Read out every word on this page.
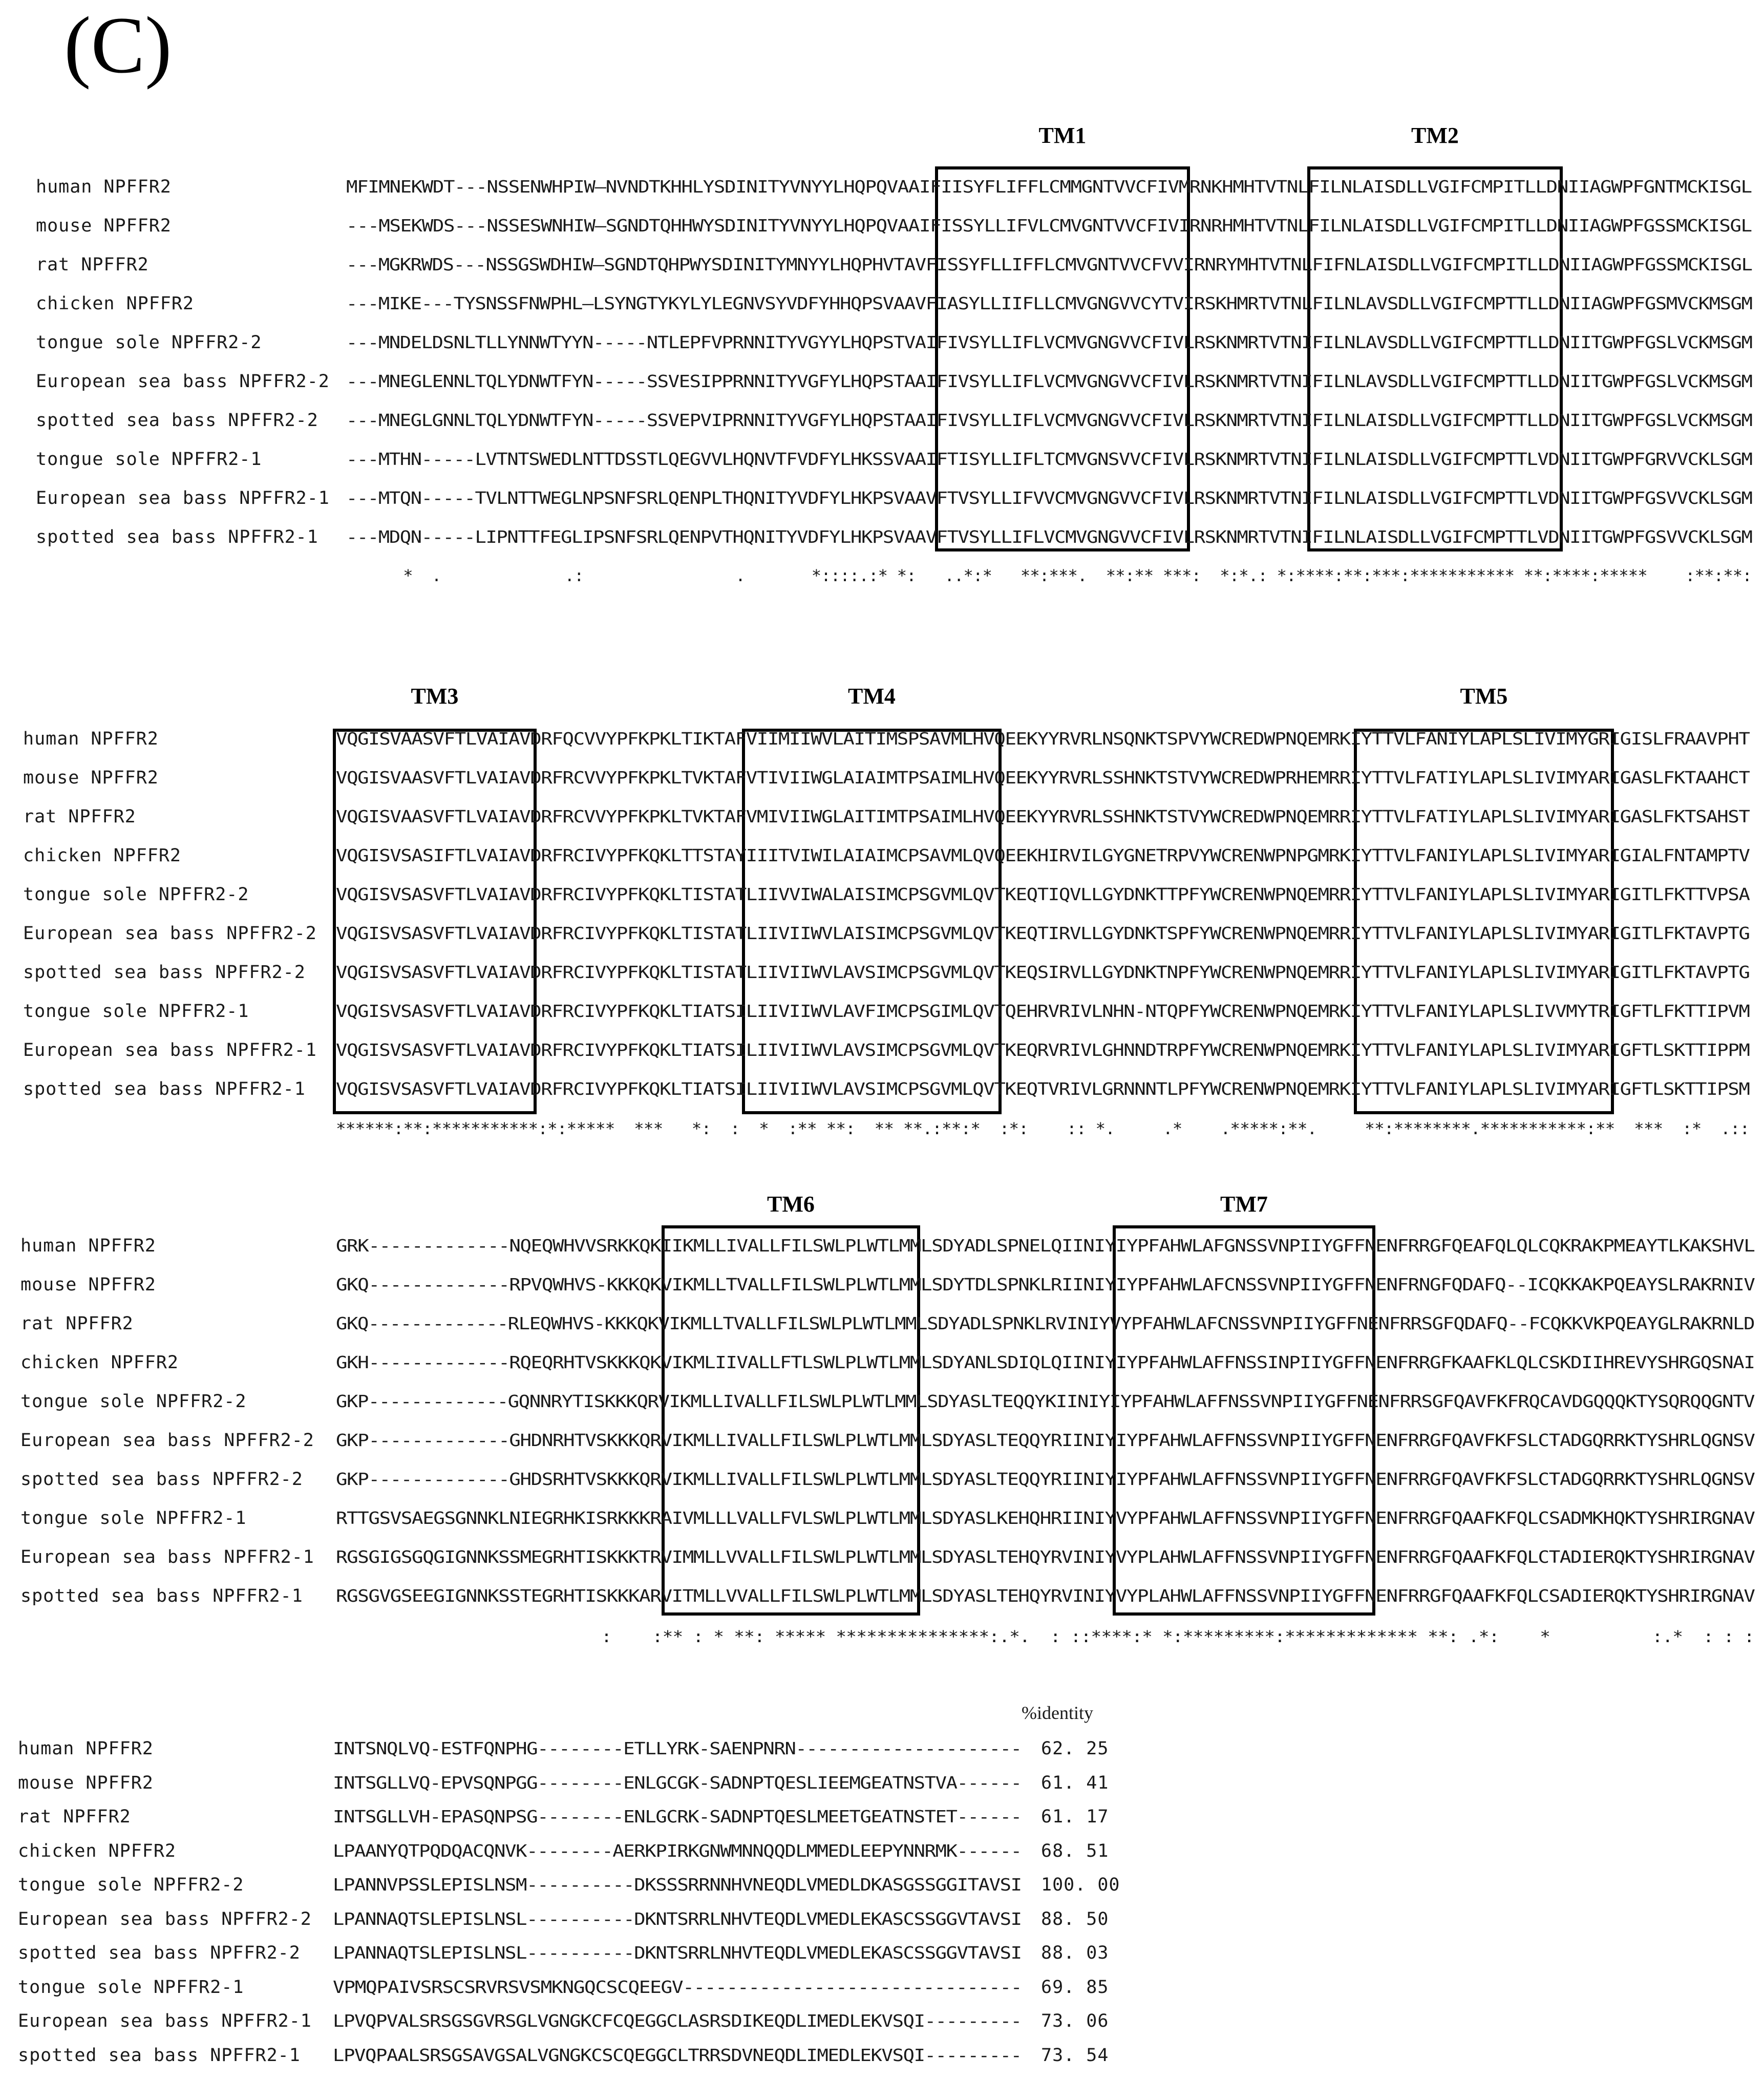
(C)
TM1	TM2
human NPFFR2	MFIMNEKWDT---NSSENWHPIW—NVNDTKHHLYSDINITYVNYYLHQPQVAAIFIISYFLIFFLCMMGNTVVCFIVMRNKHMHTVTNLFILNLAISDLLVGIFCMPITLLDNIIAGWPFGNTMCKISGL
mouse NPFFR2	---MSEKWDS---NSSESWNHIW—SGNDTQHHWYSDINITYVNYYLHQPQVAAIFISSYLLIFVLCMVGNTVVCFIVIRNRHMHTVTNLFILNLAISDLLVGIFCMPITLLDNIIAGWPFGSSMCKISGL
rat NPFFR2	---MGKRWDS---NSSGSWDHIW—SGNDTQHPWYSDINITYMNYYLHQPHVTAVFISSYFLLIFFLCMVGNTVVCFVVIRNRYMHTVTNLFIFNLAISDLLVGIFCMPITLLDNIIAGWPFGSSMCKISGL
chicken NPFFR2	---MIKE---TYSNSSFNWPHL—LSYNGTYKYLYLEGNVSYVDFYHHQPSVAAVFIASYLLIIFLLCMVGNGVVCYTVIRSKHMRTVTNLFILNLAVSDLLVGIFCMPTTLLDNIIAGWPFGSMVCKMSGM
tongue sole NPFFR2-2	---MNDELDSNLTLLYNNWTYYN-----NTLEPFVPRNNITYVGYYLHQPSTVAIFIVSYLLIFLVCMVGNGVVCFIVLRSKNMRTVTNIFILNLAVSDLLVGIFCMPTTLLDNIITGWPFGSLVCKMSGM
European sea bass NPFFR2-2 ---MNEGLENNLTQLYDNWTFYN-----SSVESIPPRNNITYVGFYLHQPSTAAIFIVSYLLIFLVCMVGNGVVCFIVLRSKNMRTVTNIFILNLAVSDLLVGIFCMPTTLLDNIITGWPFGSLVCKMSGM
spotted sea bass NPFFR2-2 ---MNEGLGNNLTQLYDNWTFYN-----SSVEPVIPRNNITYVGFYLHQPSTAAIFIVSYLLIFLVCMVGNGVVCFIVLRSKNMRTVTNIFILNLAISDLLVGIFCMPTTLLDNIITGWPFGSLVCKMSGM
tongue sole NPFFR2-1	---MTHN-----LVTNTSWEDLNTTDSSTLQEGVVLHQNVTFVDFYLHKSSVAAIFTISYLLIFLTCMVGNSVVCFIVLRSKNMRTVTNIFILNLAISDLLVGIFCMPTTLVDNIITGWPFGRVVCKLSGM
European sea bass NPFFR2-1 ---MTQN-----TVLNTTWEGLNPSNFSRLQENPLTHQNITYVDFYLHKPSVAAVFTVSYLLIFVVCMVGNGVVCFIVLRSKNMRTVTNIFILNLAISDLLVGIFCMPTTLVDNIITGWPFGSVVCKLSGM
spotted sea bass NPFFR2-1 ---MDQN-----LIPNTTFEGLIPSNFSRLQENPVTHQNITYVDFYLHKPSVAAVFTVSYLLIFLVCMVGNGVVCFIVLRSKNMRTVTNIFILNLAISDLLVGIFCMPTTLVDNIITGWPFGSVVCKLSGM
*  .             .:                .       *::::.:* *:   ..*:*   **:***.  **:** ***:  *:*.: *:****:**:***:*********** **:****:*****    :**:**:
TM3	TM4	TM5
human NPFFR2	VQGISVAASVFTLVAIAVDRFQCVVYPFKPKLTIKTAFVIIMIIWVLAITIMSPSAVMLHVQEEKYYRVRLNSQNKTSPVYWCREDWPNQEMRKIYTTVLFANIYLAPLSLIVIMYGRIGISLFRAAVPHT
mouse NPFFR2	VQGISVAASVFTLVAIAVDRFRCVVYPFKPKLTVKTAFVTIVIIWGLAIAIMTPSAIMLHVQEEKYYRVRLSSHNKTSTVYWCREDWPRHEMRRIYTTVLFATIYLAPLSLIVIMYARIGASLFKTAAHCT
rat NPFFR2	VQGISVAASVFTLVAIAVDRFRCVVYPFKPKLTVKTAFVMIVIIWGLAITIMTPSAIMLHVQEEKYYRVRLSSHNKTSTVYWCREDWPNQEMRRIYTTVLFATIYLAPLSLIVIMYARIGASLFKTSAHST
chicken NPFFR2	VQGISVSASIFTLVAIAVDRFRCIVYPFKQKLTTSTAYIIITVIWILAIAIMCPSAVMLQVQEEKHIRVILGYGNETRPVYWCRENWPNPGMRKIYTTVLFANIYLAPLSLIVIMYARIGIALFNTAMPTV
tongue sole NPFFR2-2	VQGISVSASVFTLVAIAVDRFRCIVYPFKQKLTISTATLIIVVIWALAISIMCPSGVMLQVTKEQTIQVLLGYDNKTTPFYWCRENWPNQEMRRIYTTVLFANIYLAPLSLIVIMYARIGITLFKTTVPSA
European sea bass NPFFR2-2 VQGISVSASVFTLVAIAVDRFRCIVYPFKQKLTISTATLIIVIIWVLAISIMCPSGVMLQVTKEQTIRVLLGYDNKTSPFYWCRENWPNQEMRRIYTTVLFANIYLAPLSLIVIMYARIGITLFKTAVPTG
spotted sea bass NPFFR2-2 VQGISVSASVFTLVAIAVDRFRCIVYPFKQKLTISTATLIIVIIWVLAVSIMCPSGVMLQVTKEQSIRVLLGYDNKTNPFYWCRENWPNQEMRRIYTTVLFANIYLAPLSLIVIMYARIGITLFKTAVPTG
tongue sole NPFFR2-1	VQGISVSASVFTLVAIAVDRFRCIVYPFKQKLTIATSILIIVIIWVLAVFIMCPSGIMLQVTQEHRVRIVLNHN-NTQPFYWCRENWPNQEMRKIYTTVLFANIYLAPLSLIVVMYTRIGFTLFKTTIPVM
European sea bass NPFFR2-1 VQGISVSASVFTLVAIAVDRFRCIVYPFKQKLTIATSILIIVIIWVLAVSIMCPSGVMLQVTKEQRVRIVLGHNNDTRPFYWCRENWPNQEMRKIYTTVLFANIYLAPLSLIVIMYARIGFTLSKTTIPPM
spotted sea bass NPFFR2-1 VQGISVSASVFTLVAIAVDRFRCIVYPFKQKLTIATSILIIVIIWVLAVSIMCPSGVMLQVTKEQTVRIVLGRNNNTLPFYWCRENWPNQEMRKIYTTVLFANIYLAPLSLIVIMYARIGFTLSKTTIPSM
******:**:***********:*:*****  ***   *:  :  *  :** **:  ** **.:**:*  :*:    :: *.     .*    .*****:**.     **:********.***********:**  ***  :*  .::
TM6	TM7
human NPFFR2	GRK-------------NQEQWHVVSRKKQKIIKMLLIVALLFILSWLPLWTLMMLSDYADLSPNELQIINIYIYPFAHWLAFGNSSVNPIIYGFFNENFRRGFQEAFQLQLCQKRAKPMEAYTLKAKSHVL
mouse NPFFR2	GKQ-------------RPVQWHVS-KKKQKVIKMLLTVALLFILSWLPLWTLMMLSDYTDLSPNKLRIINIYIYPFAHWLAFCNSSVNPIIYGFFNENFRNGFQDAFQ--ICQKKAKPQEAYSLRAKRNIV
rat NPFFR2	GKQ-------------RLEQWHVS-KKKQKVIKMLLTVALLFILSWLPLWTLMMLSDYADLSPNKLRVINIYVYPFAHWLAFCNSSVNPIIYGFFNENFRRSGFQDAFQ--FCQKKVKPQEAYGLRAKRNLD
chicken NPFFR2	GKH-------------RQEQRHTVSKKKQKVIKMLIIVALLFTLSWLPLWTLMMLSDYANLSDIQLQIINIYIYPFAHWLAFFNSSINPIIYGFFNENFRRGFKAAFKLQLCSKDIIHREVYSHRGQSNAI
tongue sole NPFFR2-2	GKP-------------GQNNRYTISKKKQRVIKMLLIVALLFILSWLPLWTLMMLSDYASLTEQQYKIINIYIYPFAHWLAFFNSSVNPIIYGFFNENFRRSGFQAVFKFRQCAVDGQQQKTYSQRQQGNTV
European sea bass NPFFR2-2 GKP-------------GHDNRHTVSKKKQRVIKMLLIVALLFILSWLPLWTLMMLSDYASLTEQQYRIINIYIYPFAHWLAFFNSSVNPIIYGFFNENFRRGFQAVFKFSLCTADGQRRKTYSHRLQGNSV
spotted sea bass NPFFR2-2 GKP-------------GHDSRHTVSKKKQRVIKMLLIVALLFILSWLPLWTLMMLSDYASLTEQQYRIINIYIYPFAHWLAFFNSSVNPIIYGFFNENFRRGFQAVFKFSLCTADGQRRKTYSHRLQGNSV
tongue sole NPFFR2-1	RTTGSVSAEGSGNNKLNIEGRHKISRKKKRAIVMLLLVALLFVLSWLPLWTLMMLSDYASLKEHQHRIINIYVYPFAHWLAFFNSSVNPIIYGFFNENFRRGFQAAFKFQLCSADMKHQKTYSHRIRGNAV
European sea bass NPFFR2-1 RGSGIGSGQGIGNNKSSMEGRHTISKKKTRVIMMLLVVALLFILSWLPLWTLMMLSDYASLTEHQYRVINIYVYPLAHWLAFFNSSVNPIIYGFFNENFRRGFQAAFKFQLCTADIERQKTYSHRIRGNAV
spotted sea bass NPFFR2-1 RGSGVGSEEGIGNNKSSTEGRHTISKKKARVITMLLVVALLFILSWLPLWTLMMLSDYASLTEHQYRVINIYVYPLAHWLAFFNSSVNPIIYGFFNENFRRGFQAAFKFQLCSADIERQKTYSHRIRGNAV
:    :** : * **: ***** ***************:.*.  : ::****:* *:*********:************* **: .*:    *          :.*  : : :
%identity
human NPFFR2	INTSNQLVQ-ESTFQNPHG--------ETLLYRK-SAENPNRN--------------------- 62. 25
mouse NPFFR2	INTSGLLVQ-EPVSQNPGG--------ENLGCGK-SADNPTQESLIEEMGEATNSTVA------ 61. 41
rat NPFFR2	INTSGLLVH-EPASQNPSG--------ENLGCRK-SADNPTQESLMEETGEATNSTET------ 61. 17
chicken NPFFR2	LPAANYQTPQDQACQNVK--------AERKPIRKGNWMNNQQDLMMEDLEEPYNNRMK------ 68. 51
tongue sole NPFFR2-2	LPANNVPSSLEPISLNSM----------DKSSSRRNNHVNEQDLVMEDLDKASGSSGGITAVSI 100. 00
European sea bass NPFFR2-2 LPANNAQTSLEPISLNSL----------DKNTSRRLNHVTEQDLVMEDLEKASCSSGGVTAVSI 88. 50
spotted sea bass NPFFR2-2 LPANNAQTSLEPISLNSL----------DKNTSRRLNHVTEQDLVMEDLEKASCSSGGVTAVSI 88. 03
tongue sole NPFFR2-1	VPMQPAIVSRSCSRVRSVSMKNGQCSCQEEGV------------------------------- 69. 85
European sea bass NPFFR2-1 LPVQPVALSRSGSGVRSGLVGNGKCFCQEGGCLASRSDIKEQDLIMEDLEKVSQI--------- 73. 06
spotted sea bass NPFFR2-1 LPVQPAALSRSGSAVGSALVGNGKCSCQEGGCLTRRSDVNEQDLIMEDLEKVSQI--------- 73. 54
